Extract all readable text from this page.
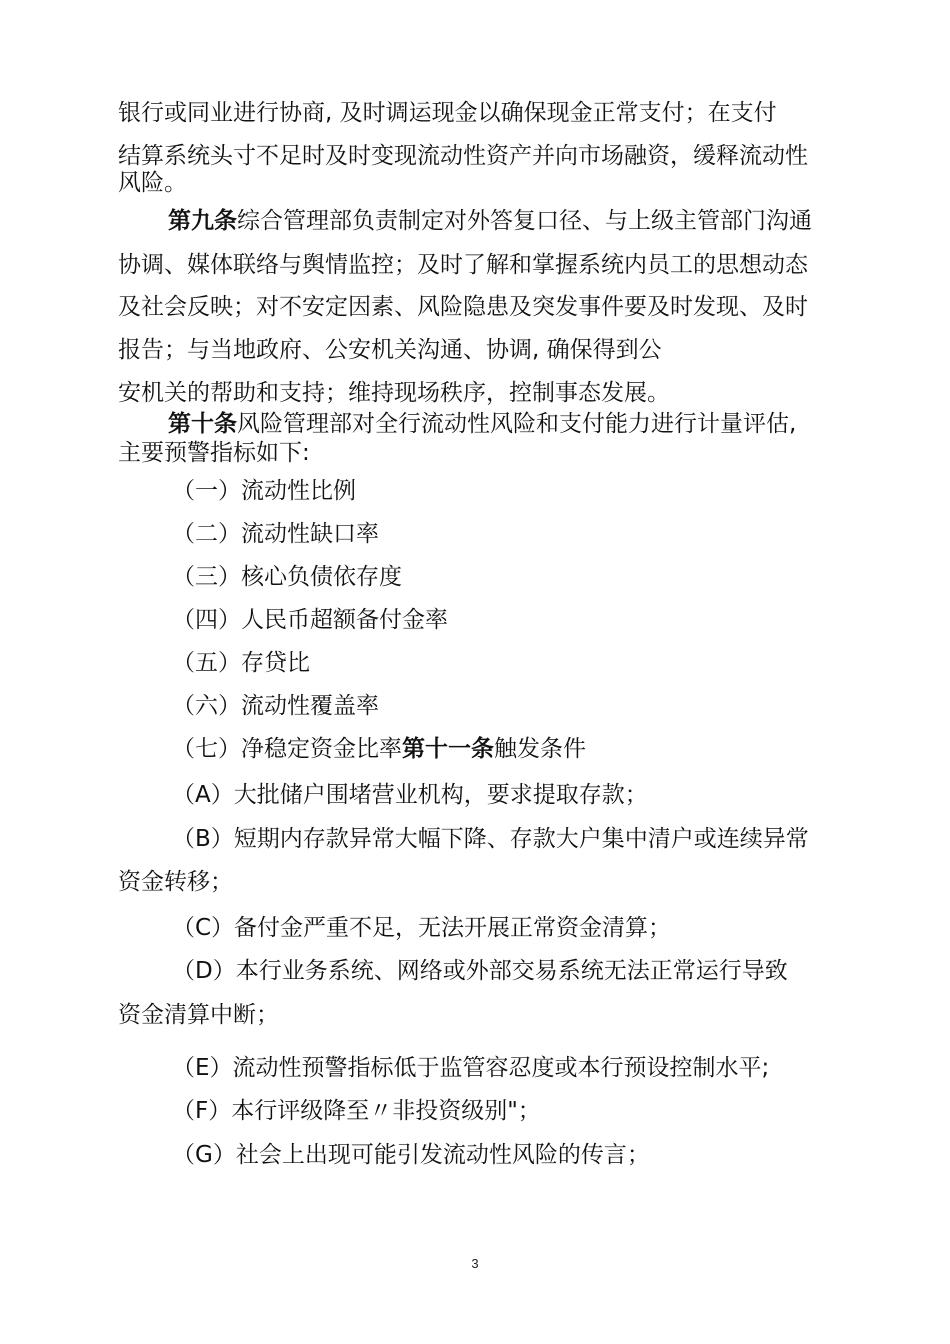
银行或同业进行协商, 及时调运现金以确保现金正常支付；在支付
结算系统头寸不足时及时变现流动性资产并向市场融资，缓释流动性
风险。
第九条综合管理部负责制定对外答复口径、与上级主管部门沟通
协调、媒体联络与舆情监控；及时了解和掌握系统内员工的思想动态
及社会反映；对不安定因素、风险隐患及突发事件要及时发现、及时
报告；与当地政府、公安机关沟通、协调, 确保得到公
安机关的帮助和支持；维持现场秩序，控制事态发展。
第十条风险管理部对全行流动性风险和支付能力进行计量评估,
主要预警指标如下:
（一）流动性比例
（二）流动性缺口率
（三）核心负债依存度
（四）人民币超额备付金率
（五）存贷比
（六）流动性覆盖率
（七）净稳定资金比率第十一条触发条件
（A）大批储户围堵营业机构，要求提取存款；
（B）短期内存款异常大幅下降、存款大户集中清户或连续异常
资金转移；
（C）备付金严重不足，无法开展正常资金清算；
（D）本行业务系统、网络或外部交易系统无法正常运行导致
资金清算中断；
（E）流动性预警指标低于监管容忍度或本行预设控制水平;
（F）本行评级降至〃非投资级别"；
（G）社会上出现可能引发流动性风险的传言；
3
